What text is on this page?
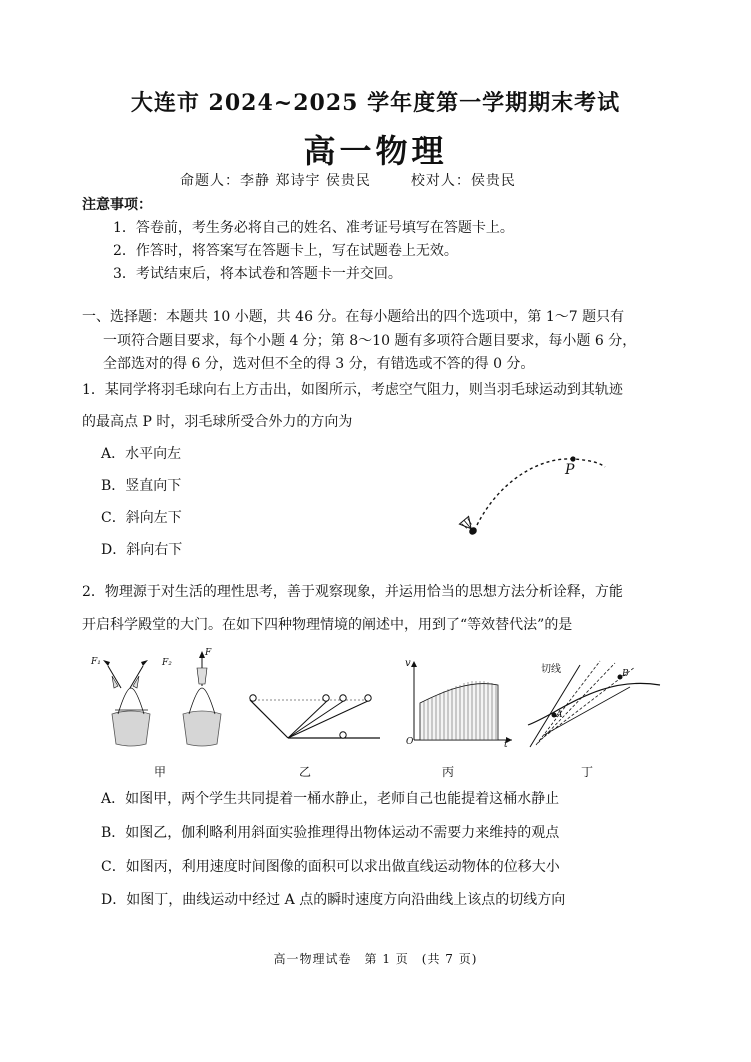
大连市 2024~2025 学年度第一学期期末考试
高一物理
命题人：李静 郑诗宇 侯贵民	校对人：侯贵民
注意事项：
1．答卷前，考生务必将自己的姓名、准考证号填写在答题卡上。
2．作答时，将答案写在答题卡上，写在试题卷上无效。
3．考试结束后，将本试卷和答题卡一并交回。
一、选择题：本题共 10 小题，共 46 分。在每小题给出的四个选项中，第 1～7 题只有
一项符合题目要求，每个小题 4 分；第 8～10 题有多项符合题目要求，每小题 6 分，
全部选对的得 6 分，选对但不全的得 3 分，有错选或不答的得 0 分。
1．某同学将羽毛球向右上方击出，如图所示，考虑空气阻力，则当羽毛球运动到其轨迹
的最高点 P 时，羽毛球所受合外力的方向为
A．水平向左
B．竖直向下
C．斜向左下
D．斜向右下
P
2．物理源于对生活的理性思考，善于观察现象，并运用恰当的思想方法分析诠释，方能
开启科学殿堂的大门。在如下四种物理情境的阐述中，用到了“等效替代法”的是
F₁	F₂
F
v
O	t
切线
A
B
甲	乙	丙	丁
A．如图甲，两个学生共同提着一桶水静止，老师自己也能提着这桶水静止
B．如图乙，伽利略利用斜面实验推理得出物体运动不需要力来维持的观点
C．如图丙，利用速度时间图像的面积可以求出做直线运动物体的位移大小
D．如图丁，曲线运动中经过 A 点的瞬时速度方向沿曲线上该点的切线方向
高一物理试卷　第 1 页　(共 7 页)
